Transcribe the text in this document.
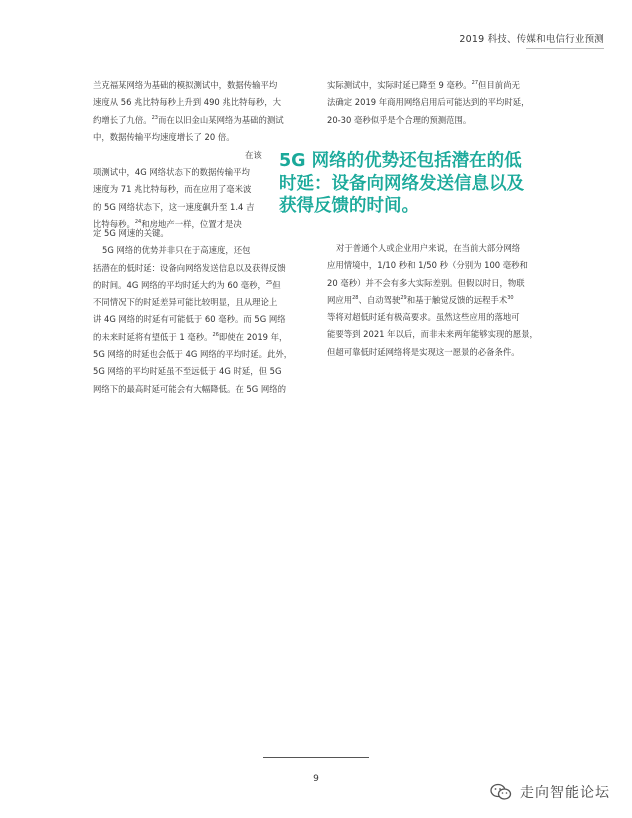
2019 科技、传媒和电信行业预测

兰克福某网络为基础的模拟测试中，数据传输平均

速度从 56 兆比特每秒上升到 490 兆比特每秒，大

约增长了九倍。$^{23}$而在以旧金山某网络为基础的测试

中，数据传输平均速度增长了 20 倍。

项测试中，4G 网络状态下的数据传输平均

速度为 71 兆比特每秒，而在应用了毫米波

的 5G 网络状态下，这一速度飙升至 1.4 吉

比特每秒。$^{24}$和房地产一样，位置才是决

在该

定 5G 网速的关键。

5G 网络的优势并非只在于高速度，还包

括潜在的低时延：设备向网络发送信息以及获得反馈

的时间。4G 网络的平均时延大约为 60 毫秒，$^{25}$但

不同情况下的时延差异可能比较明显，且从理论上

讲 4G 网络的时延有可能低于 60 毫秒。而 5G 网络

的未来时延将有望低于 1 毫秒。$^{26}$即使在 2019 年，

5G 网络的时延也会低于 4G 网络的平均时延。此外，

5G 网络的平均时延虽不至远低于 4G 时延，但 5G

网络下的最高时延可能会有大幅降低。在 5G 网络的

实际测试中，实际时延已降至 9 毫秒。$^{27}$但目前尚无

法确定 2019 年商用网络启用后可能达到的平均时延，

20-30 毫秒似乎是个合理的预测范围。

5G 网络的优势还包括潜在的低
时延：设备向网络发送信息以及
获得反馈的时间。

对于普通个人或企业用户来说，在当前大部分网络

应用情境中，1/10 秒和 1/50 秒（分别为 100 毫秒和

20 毫秒）并不会有多大实际差别。但假以时日，物联

网应用$^{28}$、自动驾驶$^{29}$和基于触觉反馈的远程手术$^{30}$

等将对超低时延有极高要求。虽然这些应用的落地可

能要等到 2021 年以后，而非未来两年能够实现的愿景，

但超可靠低时延网络将是实现这一愿景的必备条件。

9
走向智能论坛
